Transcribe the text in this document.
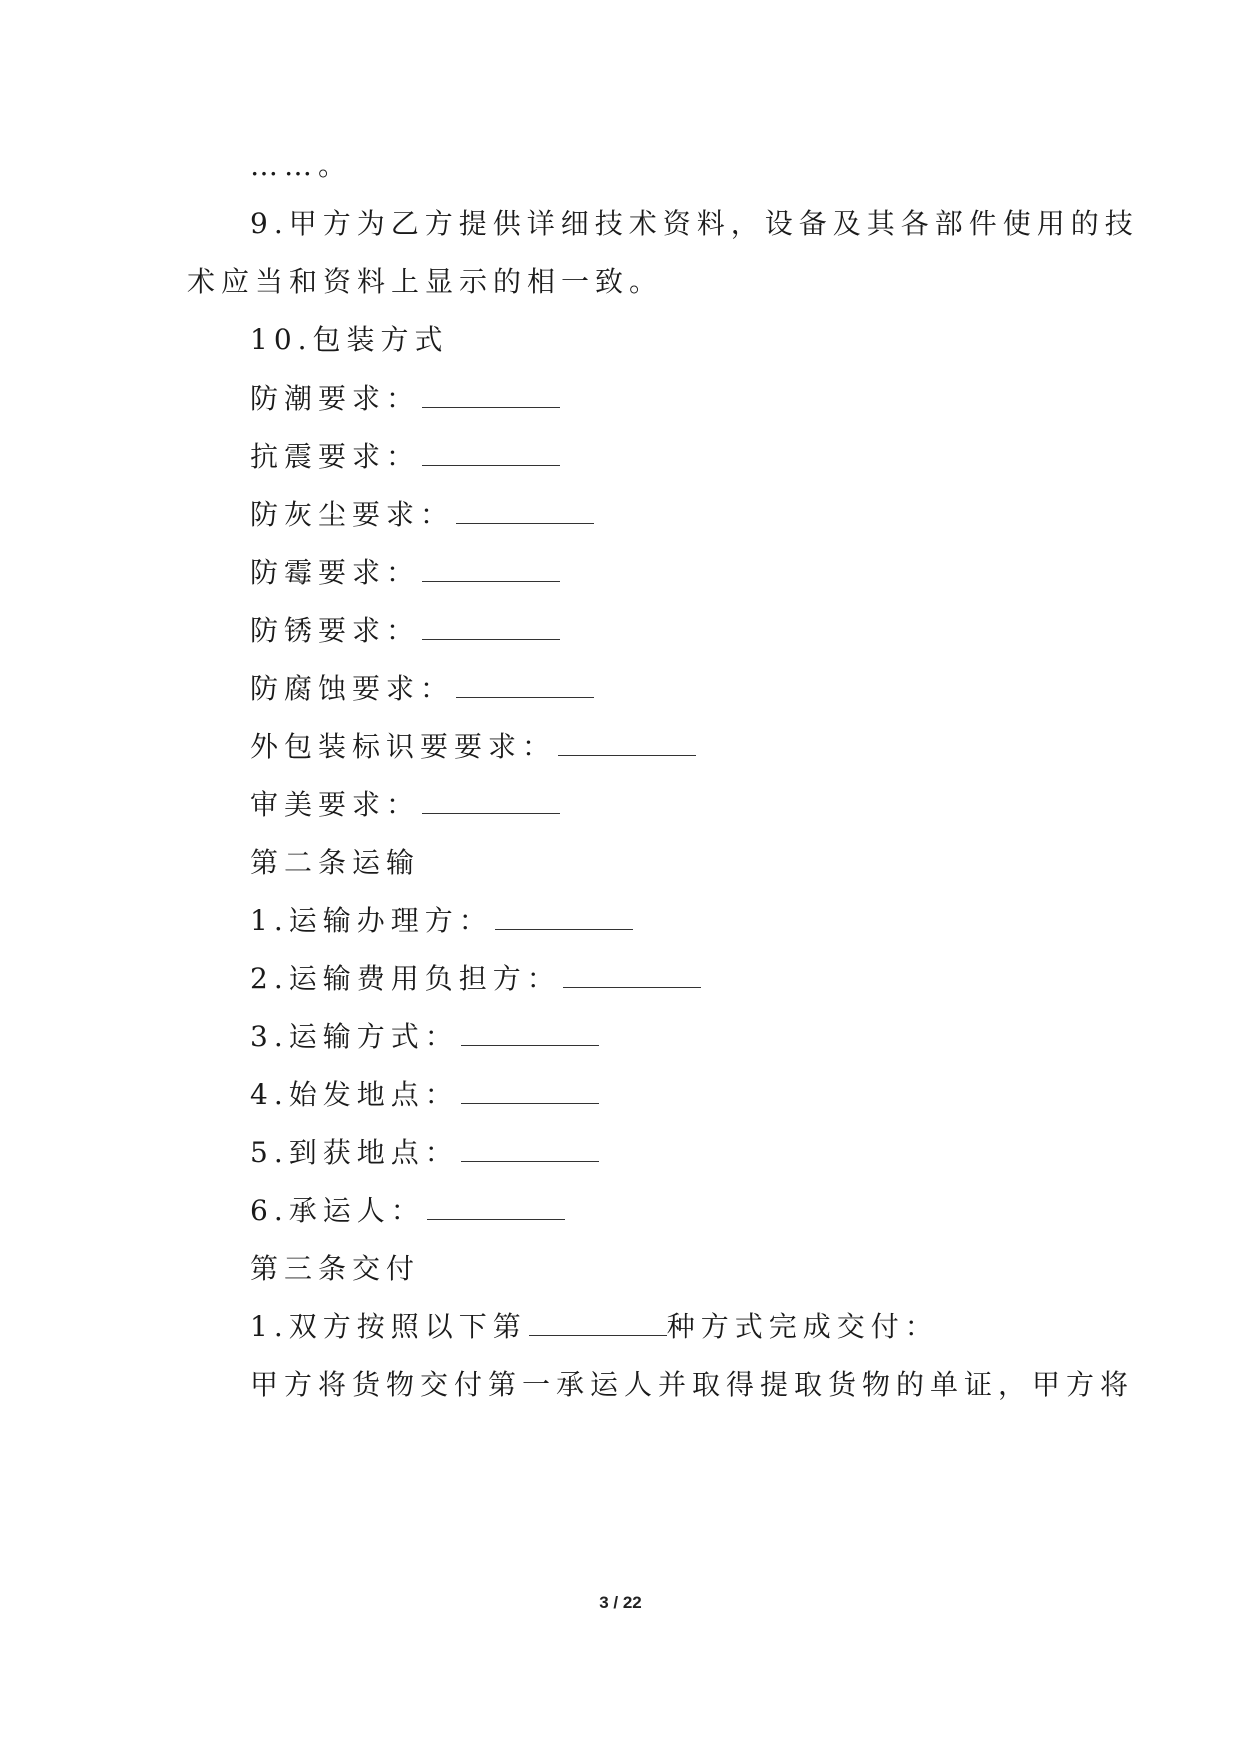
……。
9.甲方为乙方提供详细技术资料，设备及其各部件使用的技
术应当和资料上显示的相一致。
10.包装方式
防潮要求：
抗震要求：
防灰尘要求：
防霉要求：
防锈要求：
防腐蚀要求：
外包装标识要要求：
审美要求：
第二条运输
1.运输办理方：
2.运输费用负担方：
3.运输方式：
4.始发地点：
5.到获地点：
6.承运人：
第三条交付
1.双方按照以下第	种方式完成交付：
甲方将货物交付第一承运人并取得提取货物的单证，甲方将
3 / 22
